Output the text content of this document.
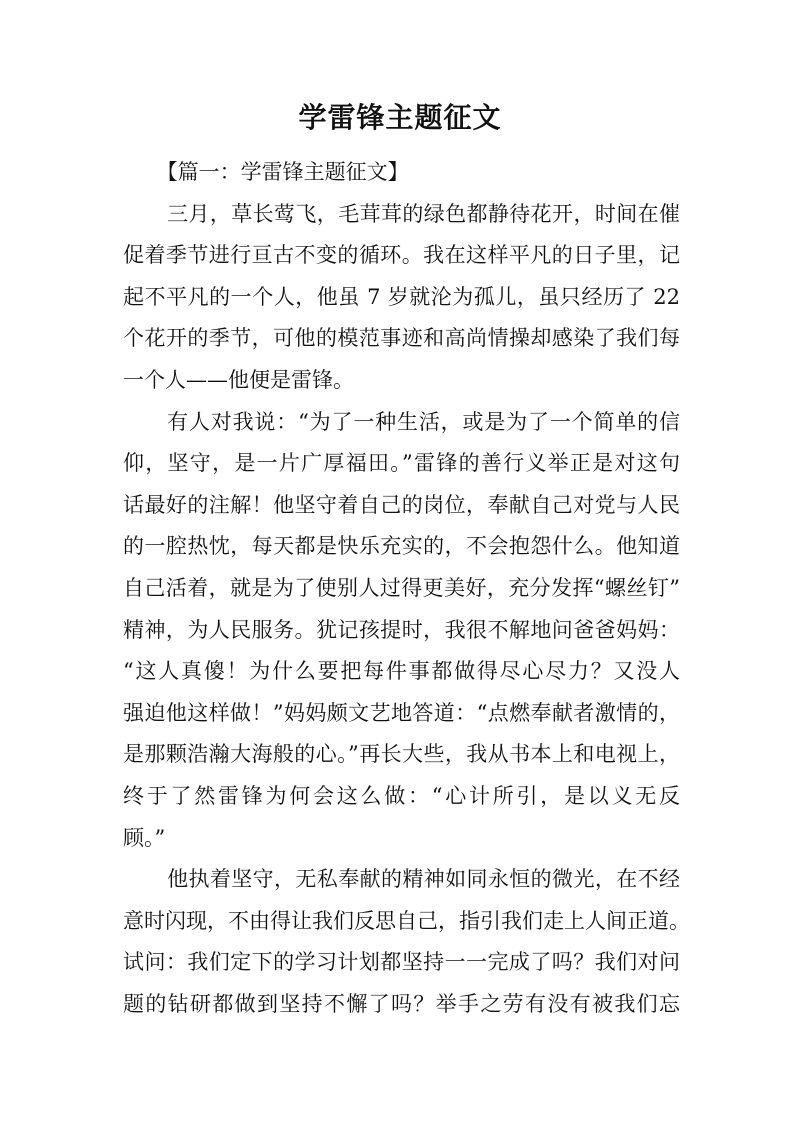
学雷锋主题征文

【篇一：学雷锋主题征文】

三月，草长莺飞，毛茸茸的绿色都静待花开，时间在催
促着季节进行亘古不变的循环。我在这样平凡的日子里，记
起不平凡的一个人，他虽 7 岁就沦为孤儿，虽只经历了 22
个花开的季节，可他的模范事迹和高尚情操却感染了我们每
一个人——他便是雷锋。

有人对我说：“为了一种生活，或是为了一个简单的信
仰，坚守，是一片广厚福田。”雷锋的善行义举正是对这句
话最好的注解！他坚守着自己的岗位，奉献自己对党与人民
的一腔热忱，每天都是快乐充实的，不会抱怨什么。他知道
自己活着，就是为了使别人过得更美好，充分发挥“螺丝钉”
精神，为人民服务。犹记孩提时，我很不解地问爸爸妈妈：
“这人真傻！为什么要把每件事都做得尽心尽力？又没人
强迫他这样做！”妈妈颇文艺地答道：“点燃奉献者激情的，
是那颗浩瀚大海般的心。”再长大些，我从书本上和电视上，
终于了然雷锋为何会这么做：“心计所引，是以义无反
顾。”

他执着坚守，无私奉献的精神如同永恒的微光，在不经
意时闪现，不由得让我们反思自己，指引我们走上人间正道。
试问：我们定下的学习计划都坚持一一完成了吗？我们对问
题的钻研都做到坚持不懈了吗？举手之劳有没有被我们忘
